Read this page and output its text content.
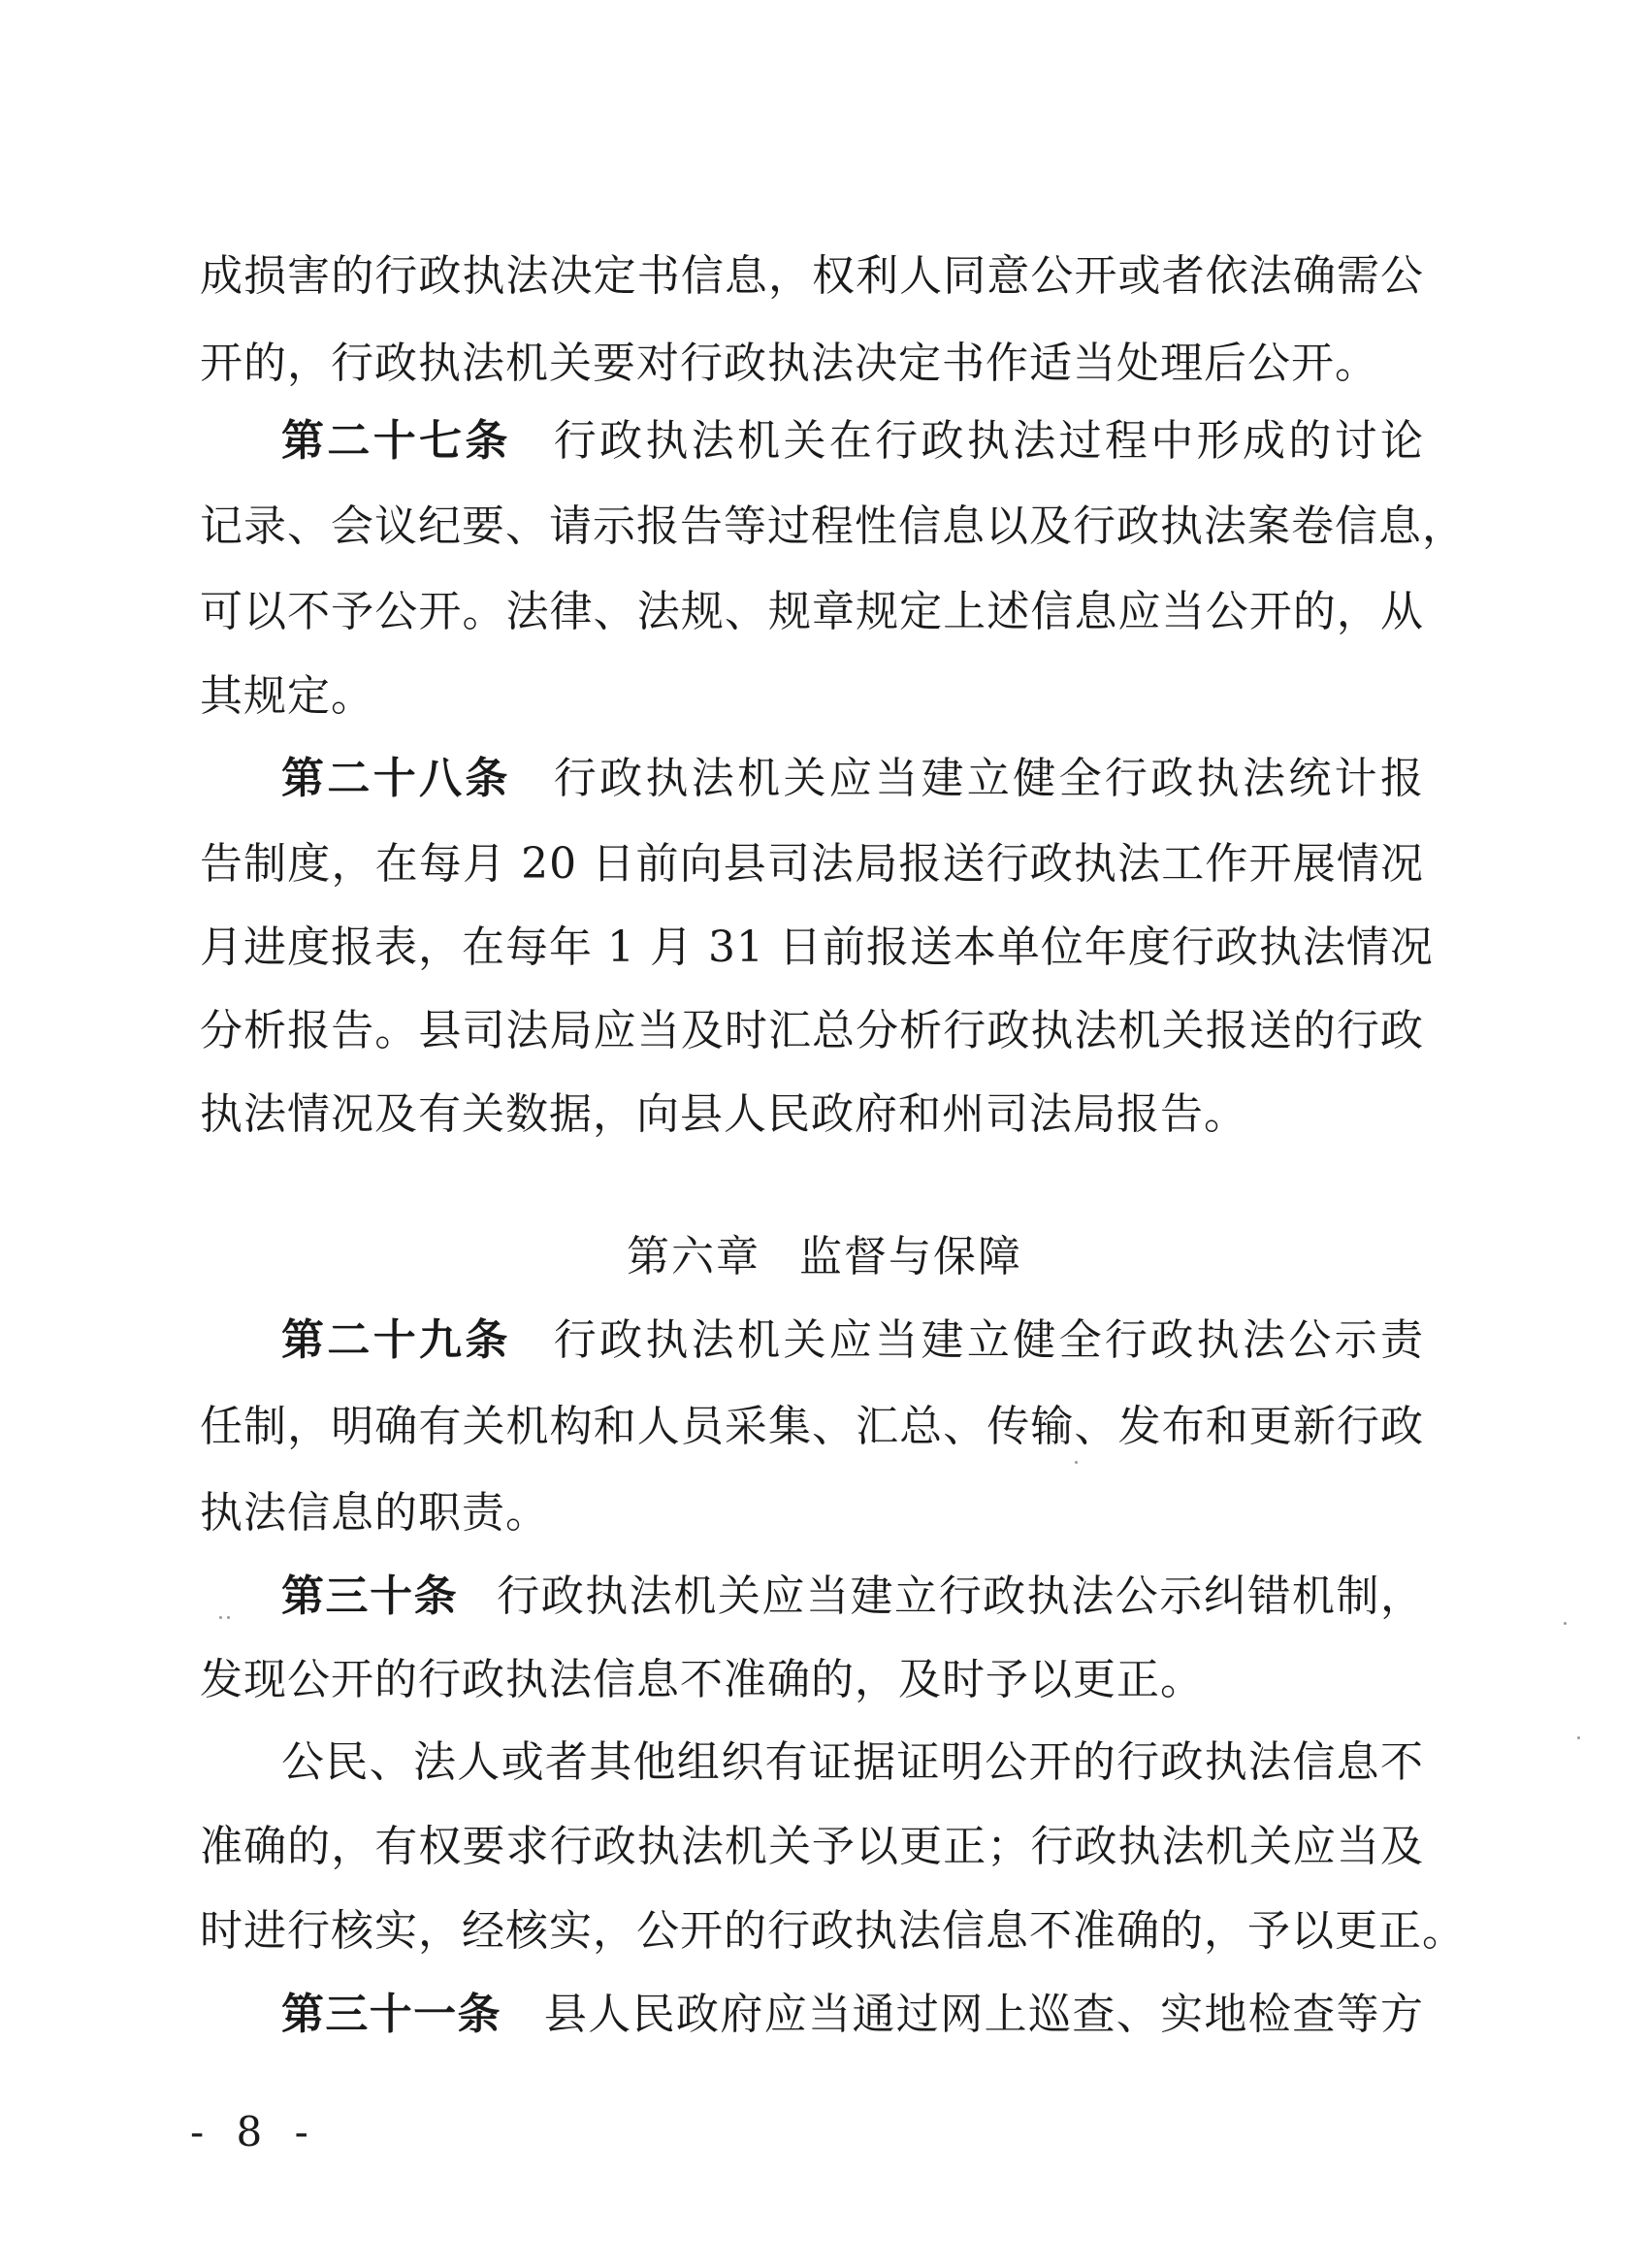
成损害的行政执法决定书信息，权利人同意公开或者依法确需公
开的，行政执法机关要对行政执法决定书作适当处理后公开。
第二十七条 行政执法机关在行政执法过程中形成的讨论
记录、会议纪要、请示报告等过程性信息以及行政执法案卷信息，
可以不予公开。法律、法规、规章规定上述信息应当公开的，从
其规定。
第二十八条 行政执法机关应当建立健全行政执法统计报
告制度，在每月 20 日前向县司法局报送行政执法工作开展情况
月进度报表，在每年 1 月 31 日前报送本单位年度行政执法情况
分析报告。县司法局应当及时汇总分析行政执法机关报送的行政
执法情况及有关数据，向县人民政府和州司法局报告。
第六章 监督与保障
第二十九条 行政执法机关应当建立健全行政执法公示责
任制，明确有关机构和人员采集、汇总、传输、发布和更新行政
执法信息的职责。
第三十条 行政执法机关应当建立行政执法公示纠错机制，
发现公开的行政执法信息不准确的，及时予以更正。
公民、法人或者其他组织有证据证明公开的行政执法信息不
准确的，有权要求行政执法机关予以更正；行政执法机关应当及
时进行核实，经核实，公开的行政执法信息不准确的，予以更正。
第三十一条 县人民政府应当通过网上巡查、实地检查等方
- 8 -
